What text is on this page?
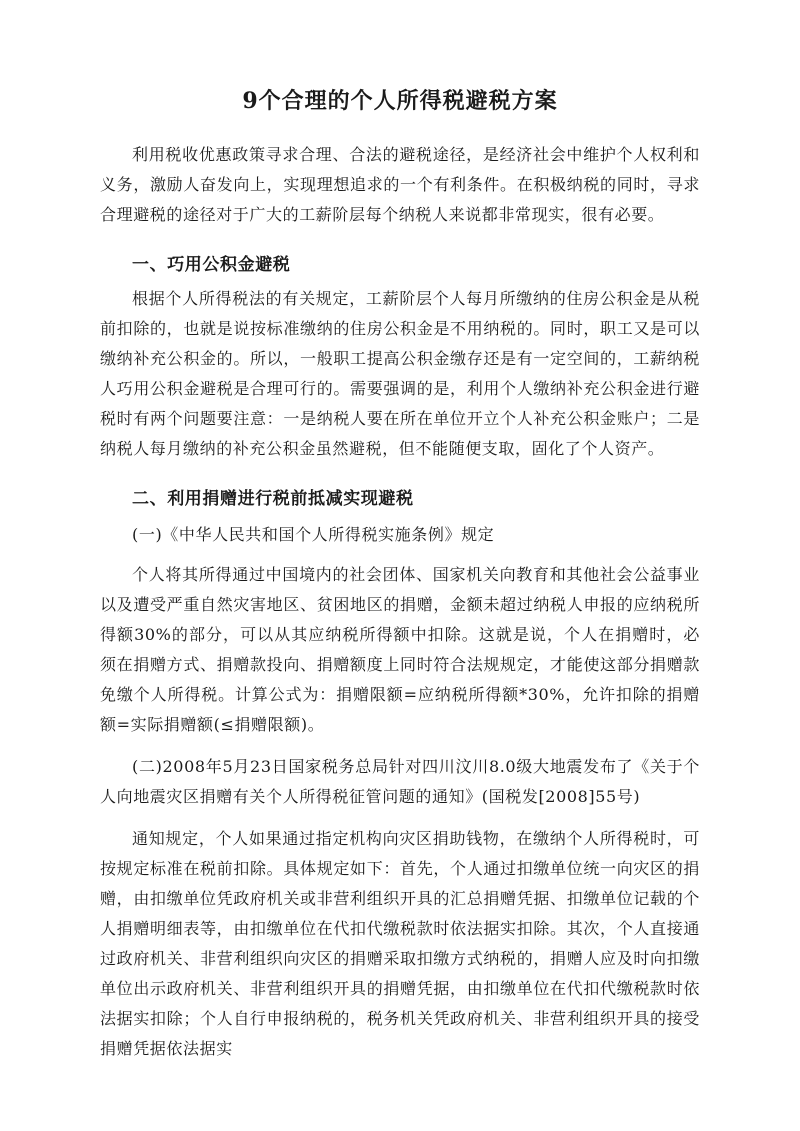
9个合理的个人所得税避税方案

利用税收优惠政策寻求合理、合法的避税途径，是经济社会中维护个人权利和义务，激励人奋发向上，实现理想追求的一个有利条件。在积极纳税的同时，寻求合理避税的途径对于广大的工薪阶层每个纳税人来说都非常现实，很有必要。

一、巧用公积金避税

根据个人所得税法的有关规定，工薪阶层个人每月所缴纳的住房公积金是从税前扣除的，也就是说按标准缴纳的住房公积金是不用纳税的。同时，职工又是可以缴纳补充公积金的。所以，一般职工提高公积金缴存还是有一定空间的，工薪纳税人巧用公积金避税是合理可行的。需要强调的是，利用个人缴纳补充公积金进行避税时有两个问题要注意：一是纳税人要在所在单位开立个人补充公积金账户；二是纳税人每月缴纳的补充公积金虽然避税，但不能随便支取，固化了个人资产。

二、利用捐赠进行税前抵减实现避税
(一)《中华人民共和国个人所得税实施条例》规定

个人将其所得通过中国境内的社会团体、国家机关向教育和其他社会公益事业以及遭受严重自然灾害地区、贫困地区的捐赠，金额未超过纳税人申报的应纳税所得额30%的部分，可以从其应纳税所得额中扣除。这就是说，个人在捐赠时，必须在捐赠方式、捐赠款投向、捐赠额度上同时符合法规规定，才能使这部分捐赠款免缴个人所得税。计算公式为：捐赠限额=应纳税所得额*30%，允许扣除的捐赠额=实际捐赠额(≤捐赠限额)。

(二)2008年5月23日国家税务总局针对四川汶川8.0级大地震发布了《关于个人向地震灾区捐赠有关个人所得税征管问题的通知》(国税发[2008]55号)

通知规定，个人如果通过指定机构向灾区捐助钱物，在缴纳个人所得税时，可按规定标准在税前扣除。具体规定如下：首先，个人通过扣缴单位统一向灾区的捐赠，由扣缴单位凭政府机关或非营利组织开具的汇总捐赠凭据、扣缴单位记载的个人捐赠明细表等，由扣缴单位在代扣代缴税款时依法据实扣除。其次，个人直接通过政府机关、非营利组织向灾区的捐赠采取扣缴方式纳税的，捐赠人应及时向扣缴单位出示政府机关、非营利组织开具的捐赠凭据，由扣缴单位在代扣代缴税款时依法据实扣除；个人自行申报纳税的，税务机关凭政府机关、非营利组织开具的接受捐赠凭据依法据实
